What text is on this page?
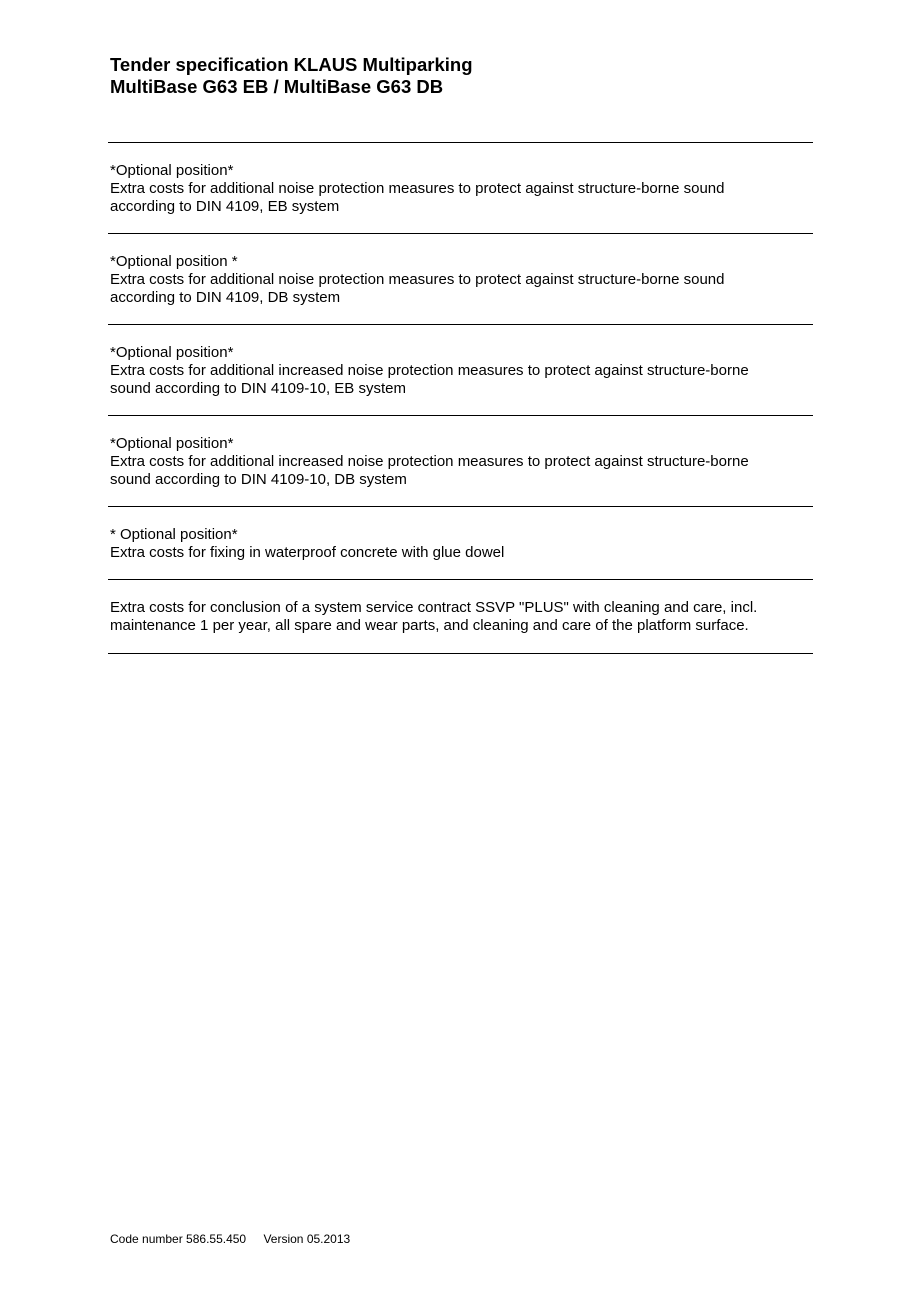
Tender specification KLAUS Multiparking
MultiBase G63 EB / MultiBase G63 DB
*Optional position*
Extra costs for additional noise protection measures to protect against structure-borne sound
according to DIN 4109, EB system
*Optional position *
Extra costs for additional noise protection measures to protect against structure-borne sound
according to DIN 4109, DB system
*Optional position*
Extra costs for additional increased noise protection measures to protect against structure-borne
sound according to DIN 4109-10, EB system
*Optional position*
Extra costs for additional increased noise protection measures to protect against structure-borne
sound according to DIN 4109-10, DB system
* Optional position*
Extra costs for fixing in waterproof concrete with glue dowel
Extra costs for conclusion of a system service contract SSVP "PLUS" with cleaning and care, incl.
maintenance 1 per year, all spare and wear parts, and cleaning and care of the platform surface.
Code number 586.55.450 Version 05.2013
